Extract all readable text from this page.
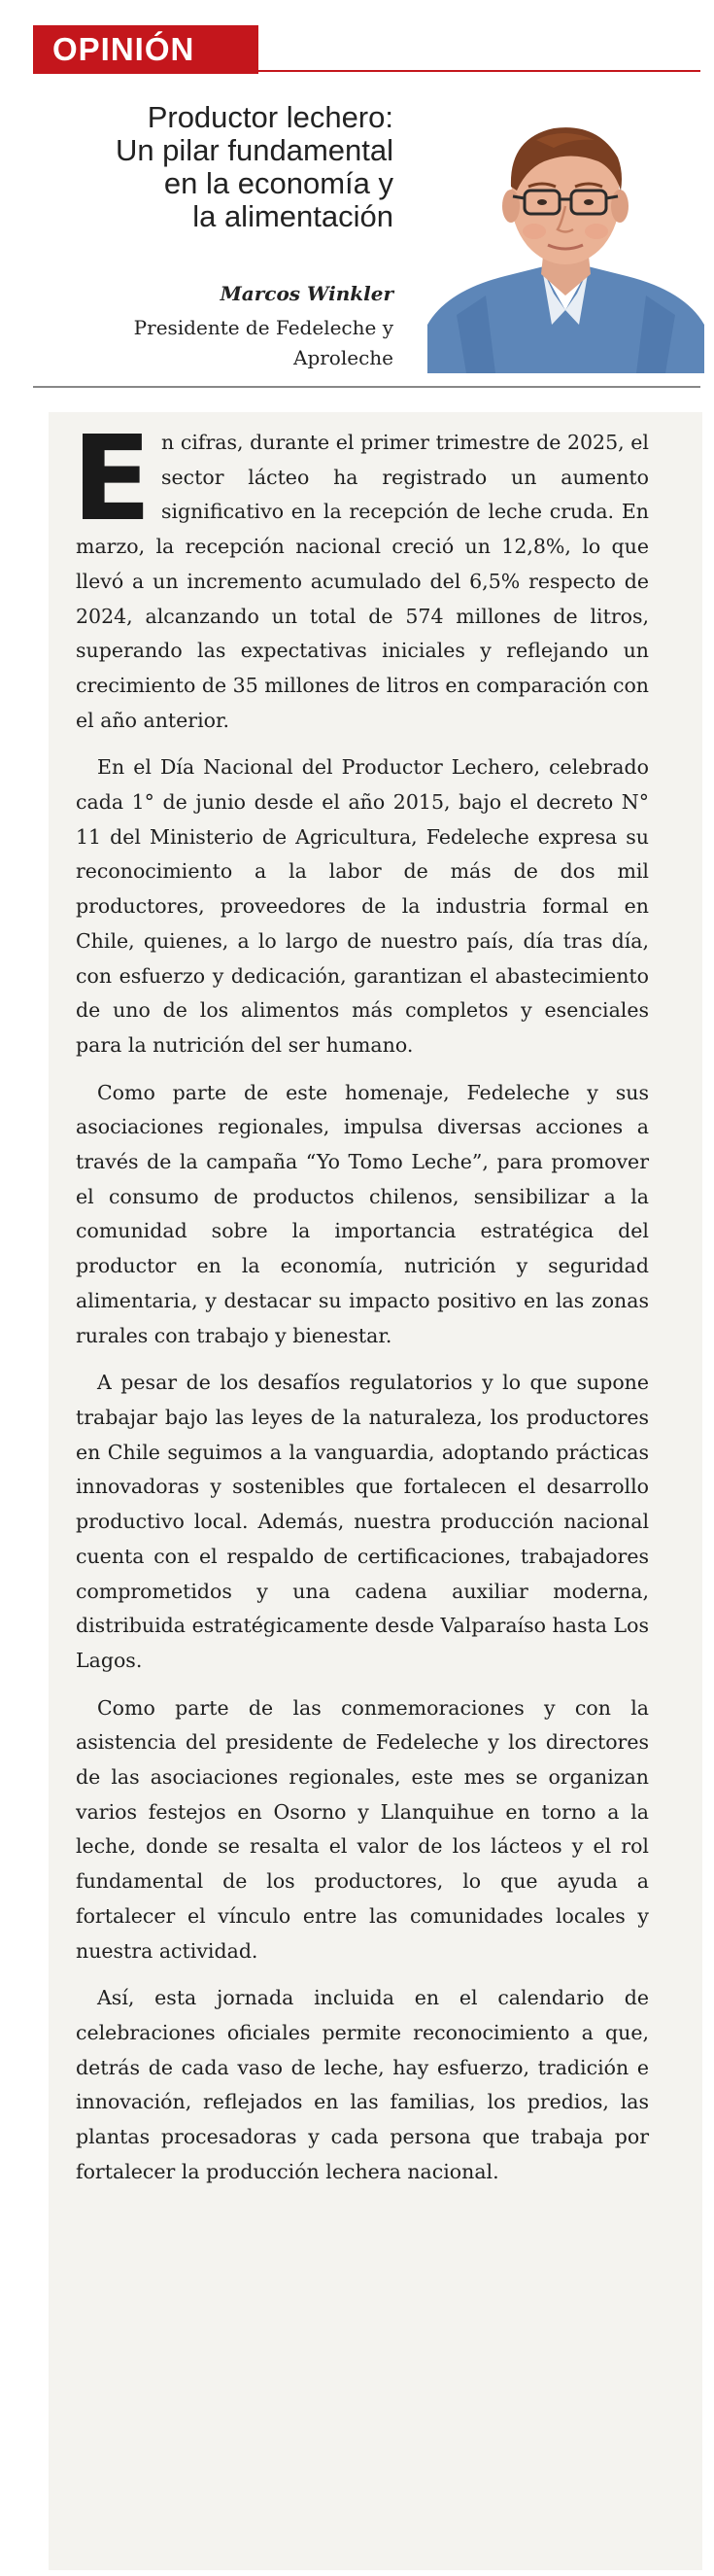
OPINIÓN
Productor lechero:
Un pilar fundamental
en la economía y
la alimentación
Marcos Winkler
Presidente de Fedeleche y
Aproleche

En cifras, durante el primer trimestre de 2025, el sector lácteo ha registrado un aumento significativo en la recepción de leche cruda. En marzo, la recepción nacional creció un 12,8%, lo que llevó a un incremento acumulado del 6,5% respecto de 2024, alcanzando un total de 574 millones de litros, superando las expectativas iniciales y reflejando un crecimiento de 35 millones de litros en comparación con el año anterior.

En el Día Nacional del Productor Lechero, celebrado cada 1° de junio desde el año 2015, bajo el decreto N° 11 del Ministerio de Agricultura, Fedeleche expresa su reconocimiento a la labor de más de dos mil productores, proveedores de la industria formal en Chile, quienes, a lo largo de nuestro país, día tras día, con esfuerzo y dedicación, garantizan el abastecimiento de uno de los alimentos más completos y esenciales para la nutrición del ser humano.

Como parte de este homenaje, Fedeleche y sus asociaciones regionales, impulsa diversas acciones a través de la campaña “Yo Tomo Leche”, para promover el consumo de productos chilenos, sensibilizar a la comunidad sobre la importancia estratégica del productor en la economía, nutrición y seguridad alimentaria, y destacar su impacto positivo en las zonas rurales con trabajo y bienestar.

A pesar de los desafíos regulatorios y lo que supone trabajar bajo las leyes de la naturaleza, los productores en Chile seguimos a la vanguardia, adoptando prácticas innovadoras y sostenibles que fortalecen el desarrollo productivo local. Además, nuestra producción nacional cuenta con el respaldo de certificaciones, trabajadores comprometidos y una cadena auxiliar moderna, distribuida estratégicamente desde Valparaíso hasta Los Lagos.

Como parte de las conmemoraciones y con la asistencia del presidente de Fedeleche y los directores de las asociaciones regionales, este mes se organizan varios festejos en Osorno y Llanquihue en torno a la leche, donde se resalta el valor de los lácteos y el rol fundamental de los productores, lo que ayuda a fortalecer el vínculo entre las comunidades locales y nuestra actividad.

Así, esta jornada incluida en el calendario de celebraciones oficiales permite reconocimiento a que, detrás de cada vaso de leche, hay esfuerzo, tradición e innovación, reflejados en las familias, los predios, las plantas procesadoras y cada persona que trabaja por fortalecer la producción lechera nacional.
